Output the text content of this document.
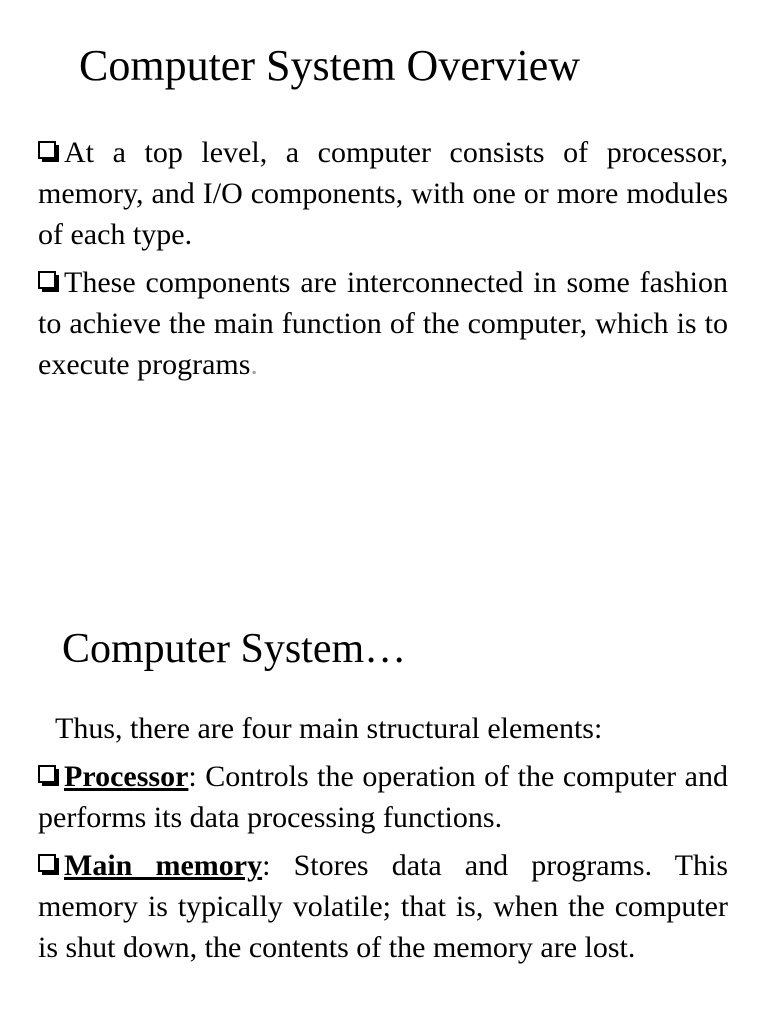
Computer System Overview

At a top level, a computer consists of processor, memory, and I/O components, with one or more modules of each type.

These components are interconnected in some fashion to achieve the main function of the computer, which is to execute programs.

Computer System…

Thus, there are four main structural elements:

Processor: Controls the operation of the computer and performs its data processing functions.

Main memory: Stores data and programs. This memory is typically volatile; that is, when the computer is shut down, the contents of the memory are lost.
